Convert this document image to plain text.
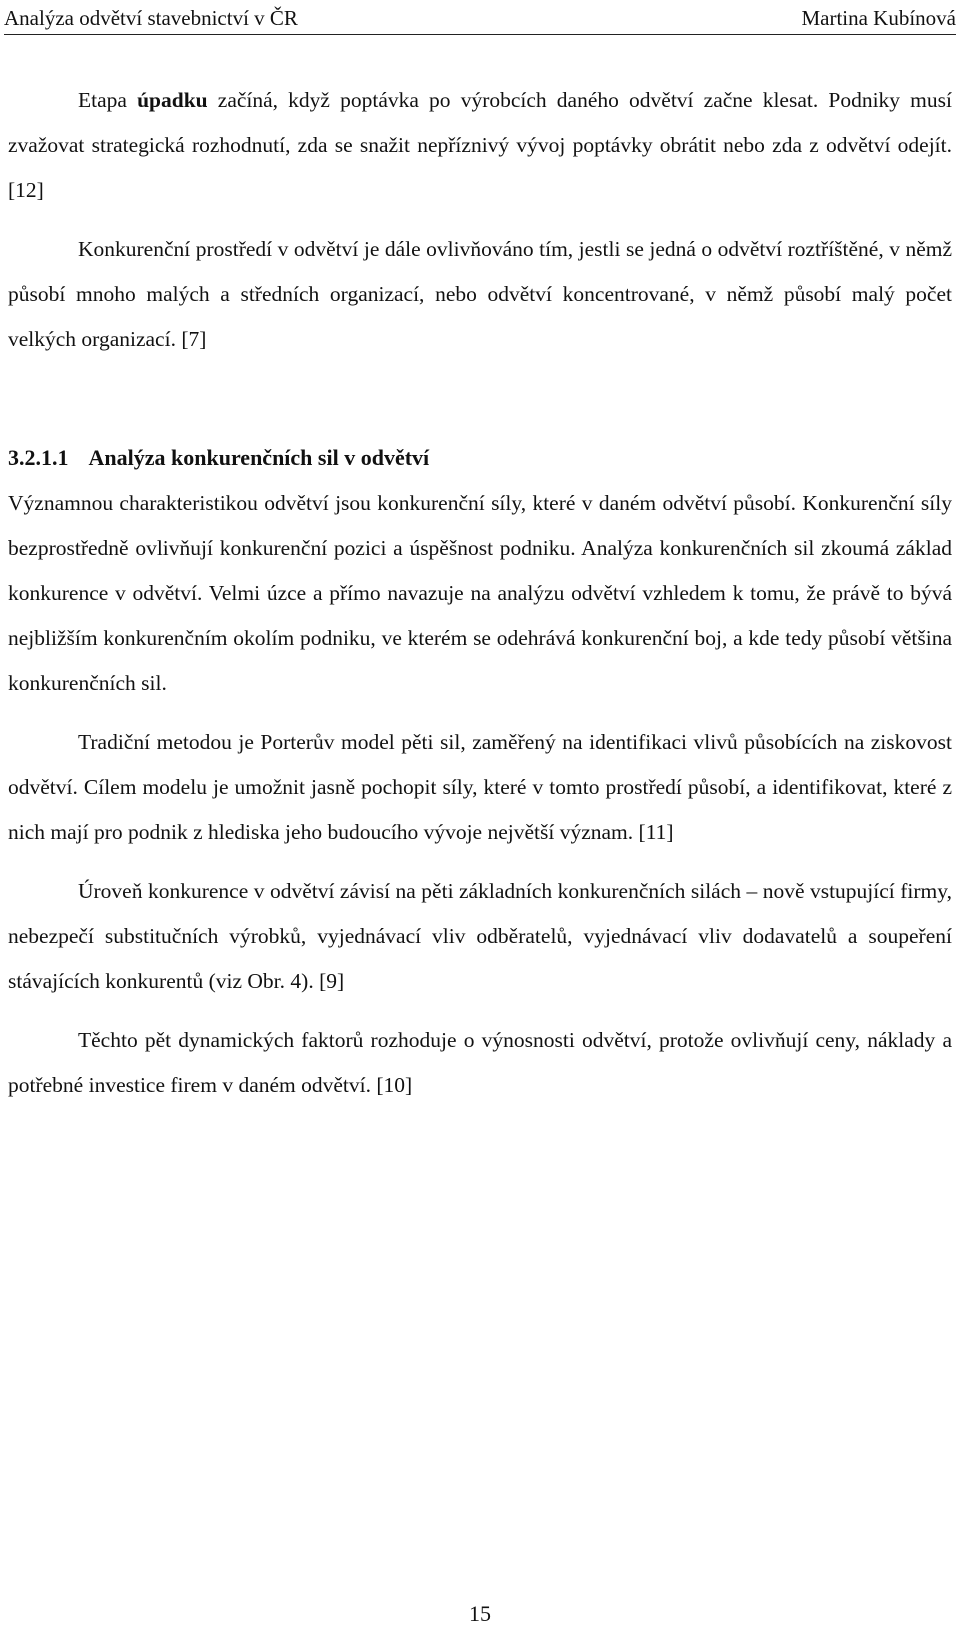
Analýza odvětví stavebnictví v ČR	Martina Kubínová

Etapa úpadku začíná, když poptávka po výrobcích daného odvětví začne klesat. Podniky musí zvažovat strategická rozhodnutí, zda se snažit nepříznivý vývoj poptávky obrátit nebo zda z odvětví odejít. [12]

Konkurenční prostředí v odvětví je dále ovlivňováno tím, jestli se jedná o odvětví roztříštěné, v němž působí mnoho malých a středních organizací, nebo odvětví koncentrované, v němž působí malý počet velkých organizací. [7]

3.2.1.1 Analýza konkurenčních sil v odvětví

Významnou charakteristikou odvětví jsou konkurenční síly, které v daném odvětví působí. Konkurenční síly bezprostředně ovlivňují konkurenční pozici a úspěšnost podniku. Analýza konkurenčních sil zkoumá základ konkurence v odvětví. Velmi úzce a přímo navazuje na analýzu odvětví vzhledem k tomu, že právě to bývá nejbližším konkurenčním okolím podniku, ve kterém se odehrává konkurenční boj, a kde tedy působí většina konkurenčních sil.

Tradiční metodou je Porterův model pěti sil, zaměřený na identifikaci vlivů působících na ziskovost odvětví. Cílem modelu je umožnit jasně pochopit síly, které v tomto prostředí působí, a identifikovat, které z nich mají pro podnik z hlediska jeho budoucího vývoje největší význam. [11]

Úroveň konkurence v odvětví závisí na pěti základních konkurenčních silách – nově vstupující firmy, nebezpečí substitučních výrobků, vyjednávací vliv odběratelů, vyjednávací vliv dodavatelů a soupeření stávajících konkurentů (viz Obr. 4). [9]

Těchto pět dynamických faktorů rozhoduje o výnosnosti odvětví, protože ovlivňují ceny, náklady a potřebné investice firem v daném odvětví. [10]

15
